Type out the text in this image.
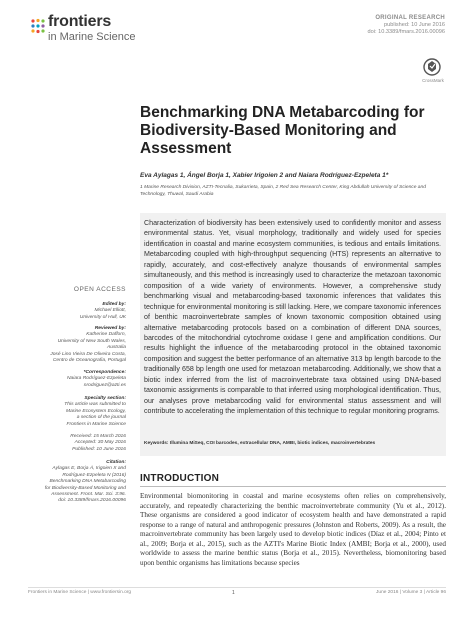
frontiers
in Marine Science
ORIGINAL RESEARCH
published: 10 June 2016
doi: 10.3389/fmars.2016.00096
CrossMark
Benchmarking DNA Metabarcoding for Biodiversity-Based Monitoring and Assessment
Eva Aylagas 1, Ángel Borja 1, Xabier Irigoien 2 and Naiara Rodríguez-Ezpeleta 1*
1 Marine Research Division, AZTI-Tecnalia, Sukarrieta, Spain, 2 Red Sea Research Center, King Abdullah University of Science and Technology, Thuwal, Saudi Arabia
Characterization of biodiversity has been extensively used to confidently monitor and assess environmental status. Yet, visual morphology, traditionally and widely used for species identification in coastal and marine ecosystem communities, is tedious and entails limitations. Metabarcoding coupled with high-throughput sequencing (HTS) represents an alternative to rapidly, accurately, and cost-effectively analyze thousands of environmental samples simultaneously, and this method is increasingly used to characterize the metazoan taxonomic composition of a wide variety of environments. However, a comprehensive study benchmarking visual and metabarcoding-based taxonomic inferences that validates this technique for environmental monitoring is still lacking. Here, we compare taxonomic inferences of benthic macroinvertebrate samples of known taxonomic composition obtained using alternative metabarcoding protocols based on a combination of different DNA sources, barcodes of the mitochondrial cytochrome oxidase I gene and amplification conditions. Our results highlight the influence of the metabarcoding protocol in the obtained taxonomic composition and suggest the better performance of an alternative 313 bp length barcode to the traditionally 658 bp length one used for metazoan metabarcoding. Additionally, we show that a biotic index inferred from the list of macroinvertebrate taxa obtained using DNA-based taxonomic assignments is comparable to that inferred using morphological identification. Thus, our analyses prove metabarcoding valid for environmental status assessment and will contribute to accelerating the implementation of this technique to regular monitoring programs.
Keywords: Illumina MiSeq, COI barcodes, extracellular DNA, AMBI, biotic indices, macroinvertebrates
OPEN ACCESS
Edited by:
Michael Elliott,
University of Hull, UK
Reviewed by:
Katherine Dafforn,
University of New South Wales,
Australia
José Lino Vieira De Oliveira Costa,
Centro de Oceanografia, Portugal
*Correspondence:
Naiara Rodríguez-Ezpeleta
nrodriguez@azti.es
Specialty section:
This article was submitted to
Marine Ecosystem Ecology,
a section of the journal
Frontiers in Marine Science
Received: 15 March 2016
Accepted: 30 May 2016
Published: 10 June 2016
Citation:
Aylagas E, Borja Á, Irigoien X and
Rodríguez-Ezpeleta N (2016)
Benchmarking DNA Metabarcoding
for Biodiversity-Based Monitoring and
Assessment. Front. Mar. Sci. 3:96.
doi: 10.3389/fmars.2016.00096
INTRODUCTION
Environmental biomonitoring in coastal and marine ecosystems often relies on comprehensively, accurately, and repeatedly characterizing the benthic macroinvertebrate community (Yu et al., 2012). These organisms are considered a good indicator of ecosystem health and have demonstrated a rapid response to a range of natural and anthropogenic pressures (Johnston and Roberts, 2009). As a result, the macroinvertebrate community has been largely used to develop biotic indices (Díaz et al., 2004; Pinto et al., 2009; Borja et al., 2015), such as the AZTI's Marine Biotic Index (AMBI; Borja et al., 2000), used worldwide to assess the marine benthic status (Borja et al., 2015). Nevertheless, biomonitoring based upon benthic organisms has limitations because species
Frontiers in Marine Science | www.frontiersin.org	1	June 2016 | Volume 3 | Article 96
